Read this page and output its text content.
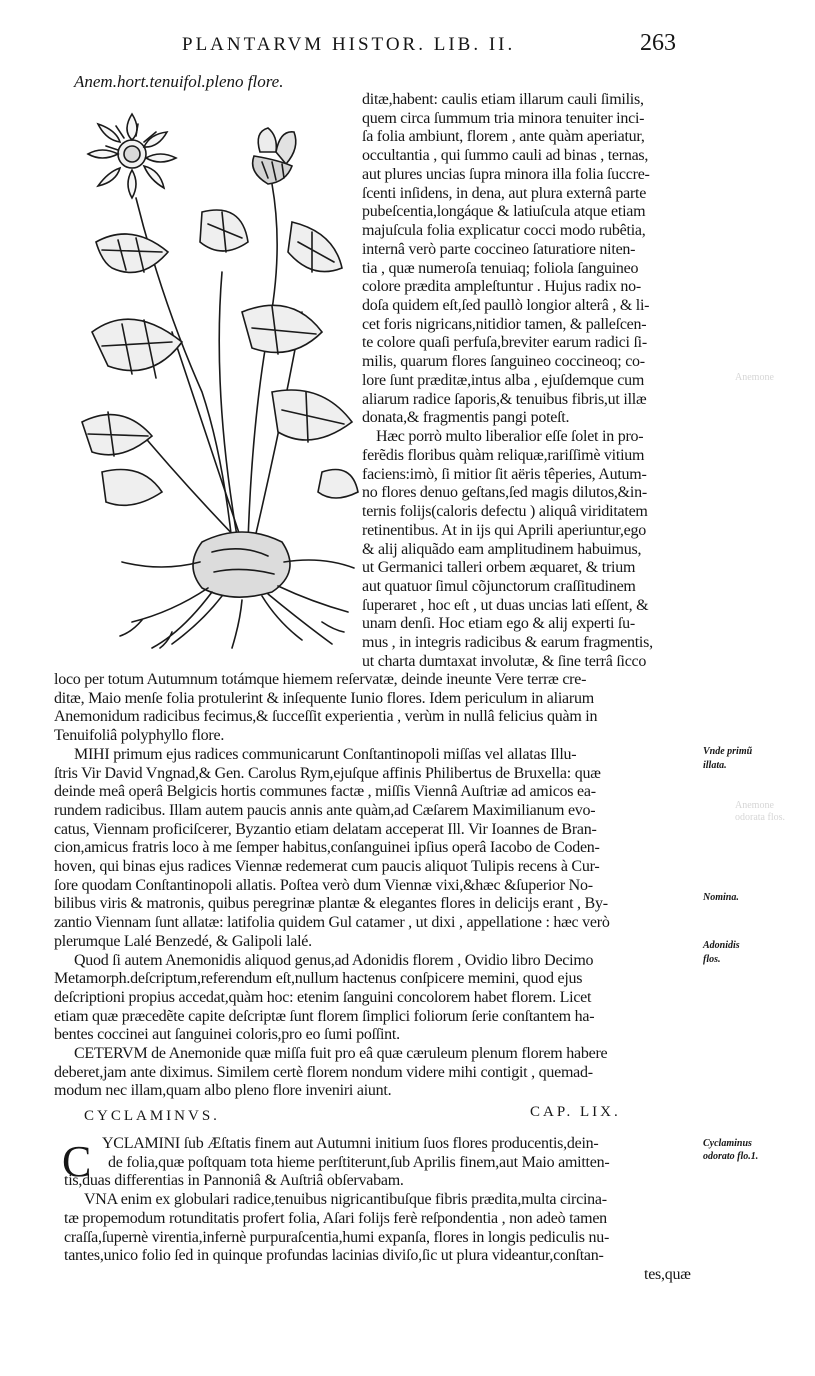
PLANTARVM HISTOR. LIB. II.	263
Anem.hort.tenuifol.pleno flore.
Anemone
Anemone
odorata flos.
ditæ,habent: caulis etiam illarum cauli ſimilis,
quem circa ſummum tria minora tenuiter inci-
ſa folia ambiunt, florem , ante quàm aperiatur,
occultantia , qui ſummo cauli ad binas , ternas,
aut plures uncias ſupra minora illa folia ſuccre-
ſcenti inſidens, in dena, aut plura externâ parte
pubeſcentia,longáque & latiuſcula atque etiam
majuſcula folia explicatur cocci modo rubêtia,
internâ verò parte coccineo ſaturatiore niten-
tia , quæ numeroſa tenuiaq; foliola ſanguineo
colore prædita ampleſtuntur . Hujus radix no-
doſa quidem eſt,ſed paullò longior alterâ , & li-
cet foris nigricans,nitidior tamen, & palleſcen-
te colore quaſi perfuſa,breviter earum radici ſi-
milis, quarum flores ſanguineo coccineoq; co-
lore ſunt præditæ,intus alba , ejuſdemque cum
aliarum radice ſaporis,& tenuibus fibris,ut illæ
donata,& fragmentis pangi poteſt.
Hæc porrò multo liberalior eſſe ſolet in pro-
ferẽdis floribus quàm reliquæ,rariſſimè vitium
faciens:imò, ſi mitior ſit aëris têperies, Autum-
no flores denuo geſtans,ſed magis dilutos,&in-
ternis folijs(caloris defectu ) aliquâ viriditatem
retinentibus. At in ijs qui Aprili aperiuntur,ego
& alij aliquãdo eam amplitudinem habuimus,
ut Germanici talleri orbem æquaret, & trium
aut quatuor ſimul cõjunctorum craſſitudinem
ſuperaret , hoc eſt , ut duas uncias lati eſſent, &
unam denſi. Hoc etiam ego & alij experti ſu-
mus , in integris radicibus & earum fragmentis,
ut charta dumtaxat involutæ, & ſine terrâ ſicco
loco per totum Autumnum totámque hiemem reſervatæ, deinde ineunte Vere terræ cre-
ditæ, Maio menſe folia protulerint & inſequente Iunio flores. Idem periculum in aliarum
Anemonidum radicibus fecimus,& ſucceſſit experientia , verùm in nullâ felicius quàm in
Tenuifoliâ polyphyllo flore.
MIHI primum ejus radices communicarunt Conſtantinopoli miſſas vel allatas Illu-
ſtris Vir David Vngnad,& Gen. Carolus Rym,ejuſque affinis Philibertus de Bruxella: quæ
deinde meâ operâ Belgicis hortis communes factæ , miſſis Viennâ Auſtriæ ad amicos ea-
rundem radicibus. Illam autem paucis annis ante quàm,ad Cæſarem Maximilianum evo-
catus, Viennam proficiſcerer, Byzantio etiam delatam acceperat Ill. Vir Ioannes de Bran-
cion,amicus fratris loco à me ſemper habitus,conſanguinei ipſius operâ Iacobo de Coden-
hoven, qui binas ejus radices Viennæ redemerat cum paucis aliquot Tulipis recens à Cur-
ſore quodam Conſtantinopoli allatis. Poſtea verò dum Viennæ vixi,&hæc &ſuperior No-
bilibus viris & matronis, quibus peregrinæ plantæ & elegantes flores in delicijs erant , By-
zantio Viennam ſunt allatæ: latifolia quidem Gul catamer , ut dixi , appellatione : hæc verò
plerumque Lalé Benzedé, & Galipoli lalé.
Quod ſi autem Anemonidis aliquod genus,ad Adonidis florem , Ovidio libro Decimo
Metamorph.deſcriptum,referendum eſt,nullum hactenus conſpicere memini, quod ejus
deſcriptioni propius accedat,quàm hoc: etenim ſanguini concolorem habet florem. Licet
etiam quæ præcedẽte capite deſcriptæ ſunt florem ſimplici foliorum ſerie conſtantem ha-
bentes coccinei aut ſanguinei coloris,pro eo ſumi poſſint.
CETERVM de Anemonide quæ miſſa fuit pro eâ quæ cæruleum plenum florem habere
deberet,jam ante diximus. Similem certè florem nondum videre mihi contigit , quemad-
modum nec illam,quam albo pleno flore inveniri aiunt.
Vnde primũ
illata.
Nomina.
Adonidis
flos.
Cyclaminus
odorato flo.1.
CYCLAMINVS.	CAP. LIX.
C YCLAMINI ſub Æſtatis finem aut Autumni initium ſuos flores producentis,dein-
de folia,quæ poſtquam tota hieme perſtiterunt,ſub Aprilis finem,aut Maio amitten-
tis,duas differentias in Pannoniâ & Auſtriâ obſervabam.
VNA enim ex globulari radice,tenuibus nigricantibuſque fibris prædita,multa circina-
tæ propemodum rotunditatis profert folia, Aſari folijs ferè reſpondentia , non adeò tamen
craſſa,ſupernè virentia,infernè purpuraſcentia,humi expanſa, flores in longis pediculis nu-
tantes,unico folio ſed in quinque profundas lacinias diviſo,ſic ut plura videantur,conſtan-
tes,quæ
